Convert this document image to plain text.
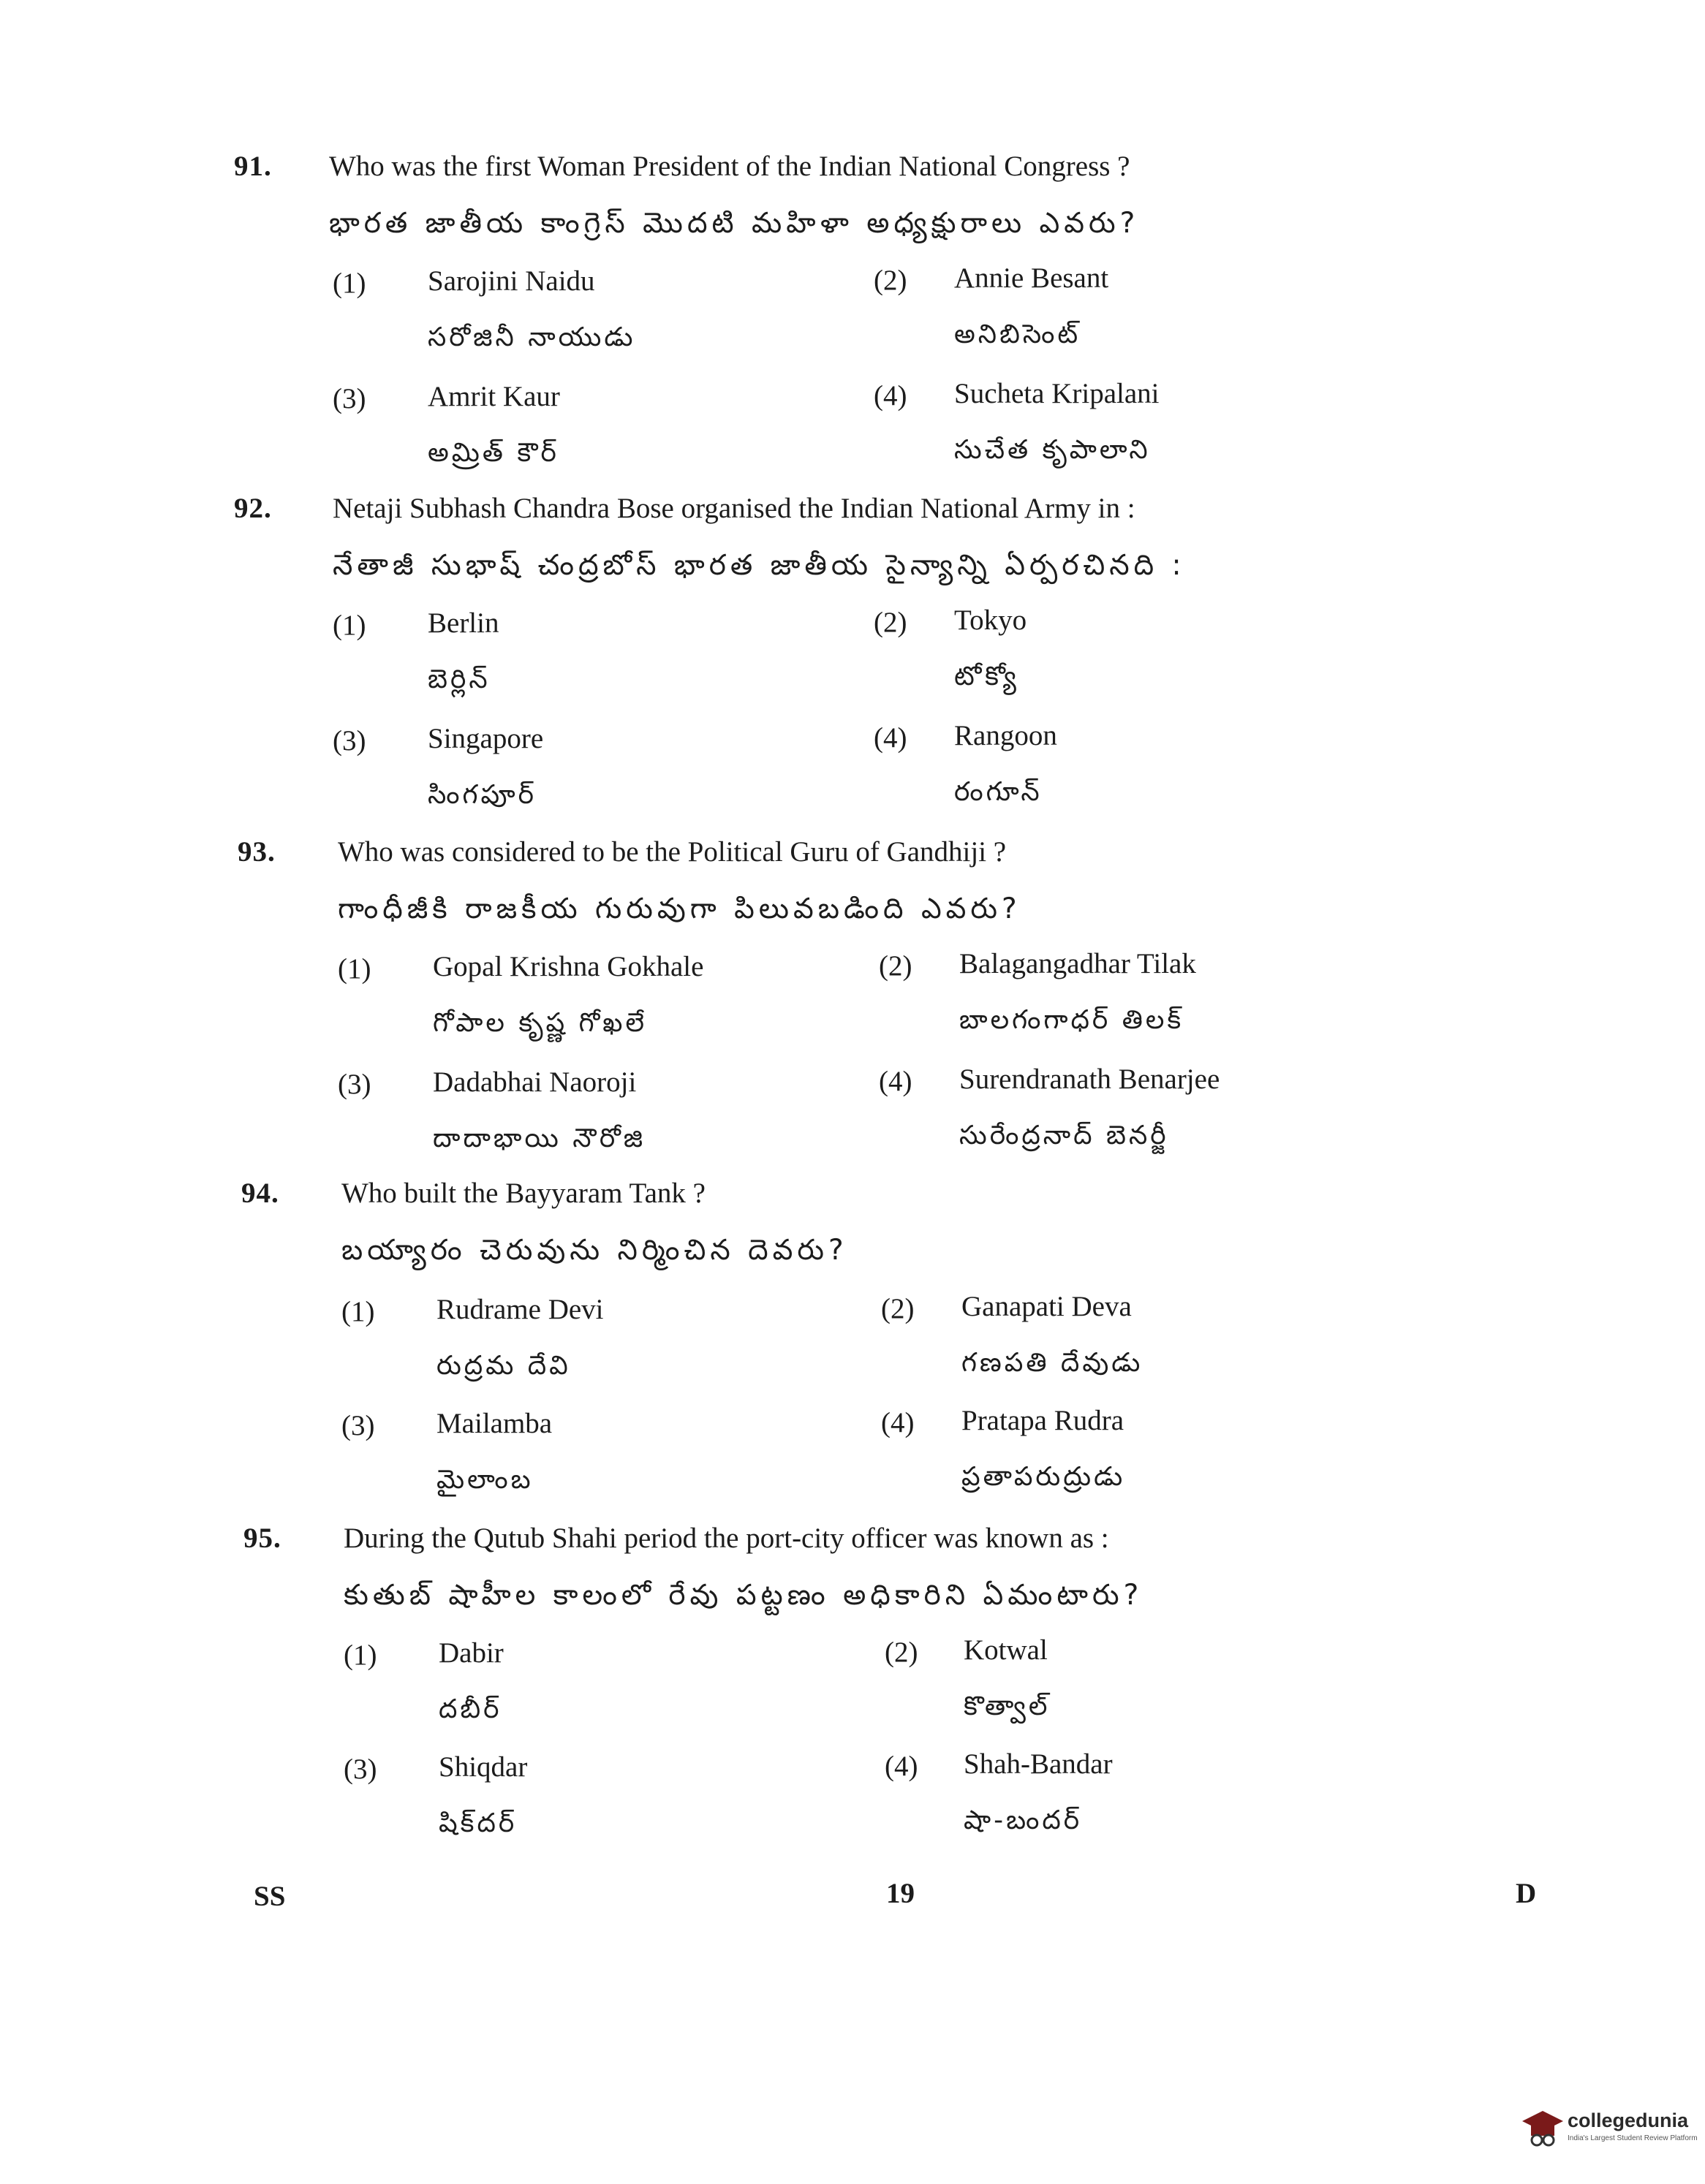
91. Who was the first Woman President of the Indian National Congress ?
భారత జాతీయ కాంగ్రెస్ మొదటి మహిళా అధ్యక్షురాలు ఎవరు?
(1) Sarojini Naidu
సరోజినీ నాయుడు
(2) Annie Besant
అనిబిసెంట్
(3) Amrit Kaur
అమ్రిత్ కౌర్
(4) Sucheta Kripalani
సుచేత కృపాలాని
92. Netaji Subhash Chandra Bose organised the Indian National Army in :
నేతాజీ సుభాష్ చంద్రబోస్ భారత జాతీయ సైన్యాన్ని ఏర్పరచినది :
(1) Berlin
బెర్లిన్
(2) Tokyo
టోక్యో
(3) Singapore
సింగపూర్
(4) Rangoon
రంగూన్
93. Who was considered to be the Political Guru of Gandhiji ?
గాంధీజీకి రాజకీయ గురువుగా పిలువబడింది ఎవరు?
(1) Gopal Krishna Gokhale
గోపాల కృష్ణ గోఖలే
(2) Balagangadhar Tilak
బాలగంగాధర్ తిలక్
(3) Dadabhai Naoroji
దాదాభాయి నౌరోజి
(4) Surendranath Benarjee
సురేంద్రనాద్ బెనర్జీ
94. Who built the Bayyaram Tank ?
బయ్యారం చెరువును నిర్మించిన దెవరు?
(1) Rudrame Devi
రుద్రమ దేవి
(2) Ganapati Deva
గణపతి దేవుడు
(3) Mailamba
మైలాంబ
(4) Pratapa Rudra
ప్రతాపరుద్రుడు
95. During the Qutub Shahi period the port-city officer was known as :
కుతుబ్ షాహీల కాలంలో రేవు పట్టణం అధికారిని ఏమంటారు?
(1) Dabir
దబీర్
(2) Kotwal
కొత్వాల్
(3) Shiqdar
షిక్‌దర్
(4) Shah-Bandar
షా-బందర్
SS	19	D
collegedunia
India's Largest Student Review Platform
